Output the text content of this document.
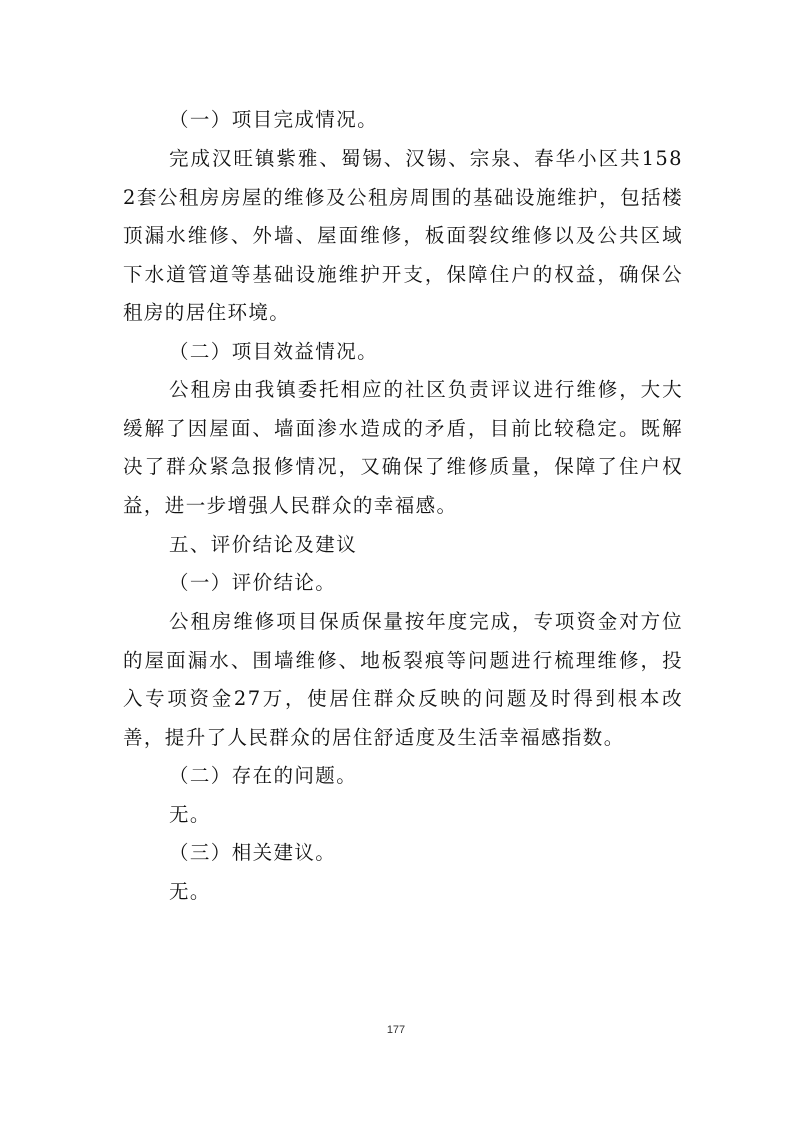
（一）项目完成情况。

完成汉旺镇紫雅、蜀锡、汉锡、宗泉、春华小区共1582套公租房房屋的维修及公租房周围的基础设施维护，包括楼顶漏水维修、外墙、屋面维修，板面裂纹维修以及公共区域下水道管道等基础设施维护开支，保障住户的权益，确保公租房的居住环境。

（二）项目效益情况。

公租房由我镇委托相应的社区负责评议进行维修，大大缓解了因屋面、墙面渗水造成的矛盾，目前比较稳定。既解决了群众紧急报修情况，又确保了维修质量，保障了住户权益，进一步增强人民群众的幸福感。

五、评价结论及建议

（一）评价结论。

公租房维修项目保质保量按年度完成，专项资金对方位的屋面漏水、围墙维修、地板裂痕等问题进行梳理维修，投入专项资金27万，使居住群众反映的问题及时得到根本改善，提升了人民群众的居住舒适度及生活幸福感指数。

（二）存在的问题。

无。

（三）相关建议。

无。

177
